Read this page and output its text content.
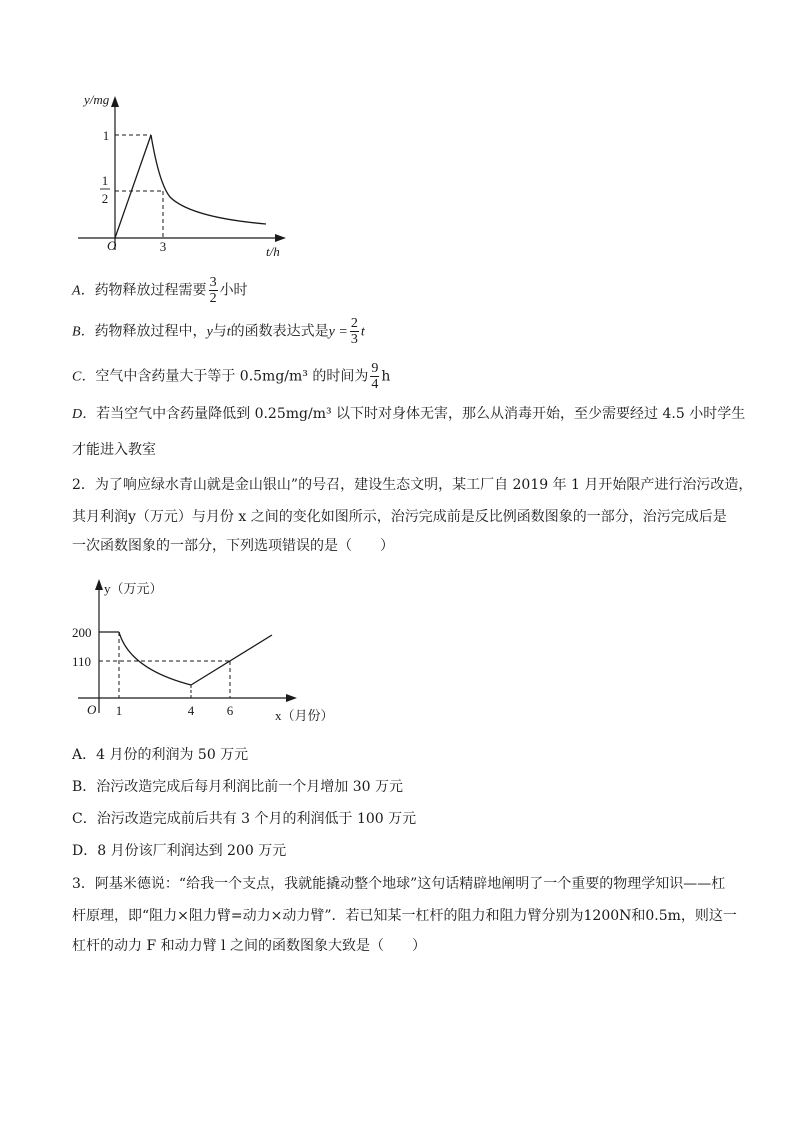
y/mg
t/h
O
1
1
2
3
A．药物释放过程需要 $\frac{3}{2}$ 小时
B．药物释放过程中，y与t的函数表达式是$y = \frac{2}{3}$ t
C．空气中含药量大于等于 0.5mg/m³ 的时间为 $\frac{9}{4}$ h
D．若当空气中含药量降低到 0.25mg/m³ 以下时对身体无害，那么从消毒开始，至少需要经过 4.5 小时学生
才能进入教室
2．为了响应绿水青山就是金山银山”的号召，建设生态文明，某工厂自 2019 年 1 月开始限产进行治污改造，
其月利润y（万元）与月份 x 之间的变化如图所示，治污完成前是反比例函数图象的一部分，治污完成后是
一次函数图象的一部分，下列选项错误的是（　　）
y（万元）
x（月份）
O
200
110
1	4	6
A．4 月份的利润为 50 万元
B．治污改造完成后每月利润比前一个月增加 30 万元
C．治污改造完成前后共有 3 个月的利润低于 100 万元
D．8 月份该厂利润达到 200 万元
3．阿基米德说：“给我一个支点，我就能撬动整个地球”这句话精辟地阐明了一个重要的物理学知识——杠
杆原理，即“阻力×阻力臂=动力×动力臂”．若已知某一杠杆的阻力和阻力臂分别为1200N和0.5m，则这一
杠杆的动力 F 和动力臂 l 之间的函数图象大致是（　　）
